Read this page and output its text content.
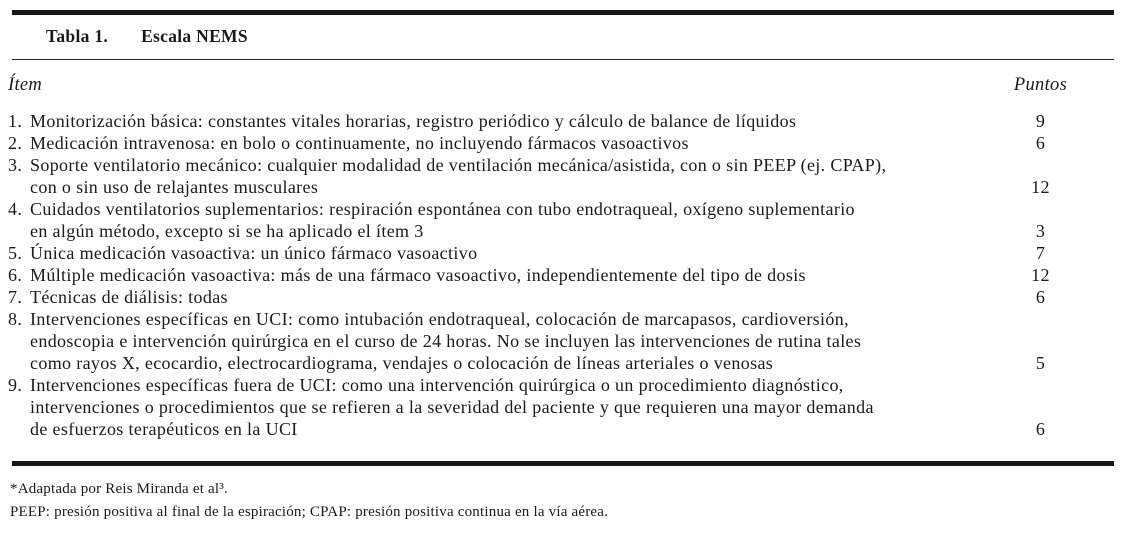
Tabla 1. Escala NEMS
Ítem	Puntos
1. Monitorización básica: constantes vitales horarias, registro periódico y cálculo de balance de líquidos	9
2. Medicación intravenosa: en bolo o continuamente, no incluyendo fármacos vasoactivos	6
3. Soporte ventilatorio mecánico: cualquier modalidad de ventilación mecánica/asistida, con o sin PEEP (ej. CPAP),
con o sin uso de relajantes musculares	12
4. Cuidados ventilatorios suplementarios: respiración espontánea con tubo endotraqueal, oxígeno suplementario
en algún método, excepto si se ha aplicado el ítem 3	3
5. Única medicación vasoactiva: un único fármaco vasoactivo	7
6. Múltiple medicación vasoactiva: más de una fármaco vasoactivo, independientemente del tipo de dosis	12
7. Técnicas de diálisis: todas	6
8. Intervenciones específicas en UCI: como intubación endotraqueal, colocación de marcapasos, cardioversión,
endoscopia e intervención quirúrgica en el curso de 24 horas. No se incluyen las intervenciones de rutina tales
como rayos X, ecocardio, electrocardiograma, vendajes o colocación de líneas arteriales o venosas	5
9. Intervenciones específicas fuera de UCI: como una intervención quirúrgica o un procedimiento diagnóstico,
intervenciones o procedimientos que se refieren a la severidad del paciente y que requieren una mayor demanda
de esfuerzos terapéuticos en la UCI	6
*Adaptada por Reis Miranda et al³.
PEEP: presión positiva al final de la espiración; CPAP: presión positiva continua en la vía aérea.
